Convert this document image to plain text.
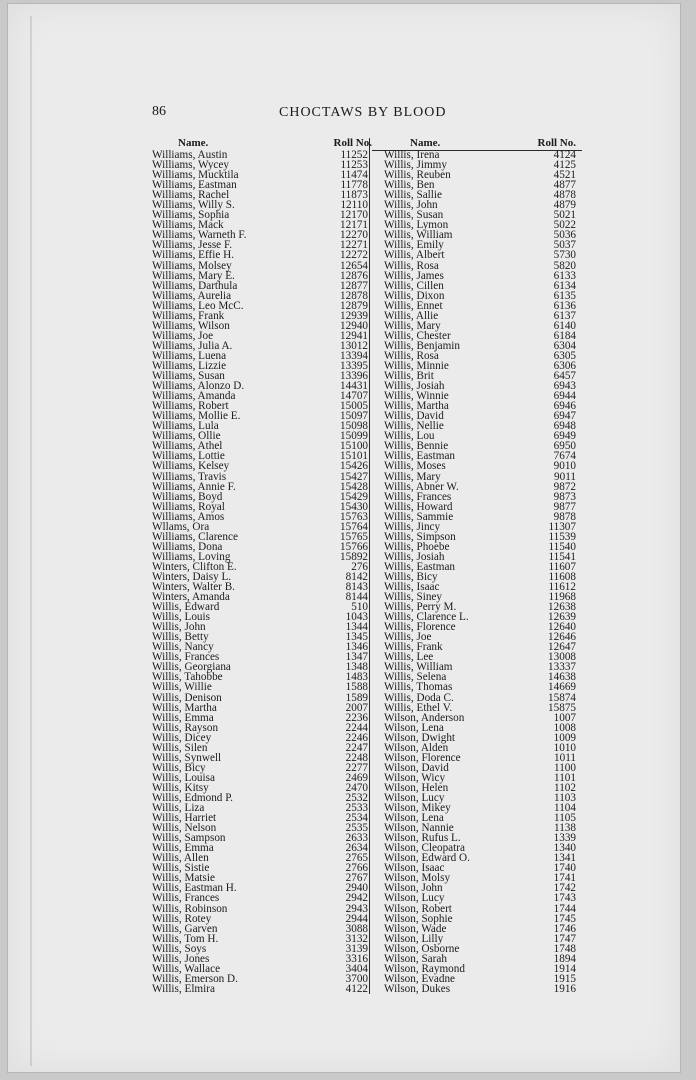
86	CHOCTAWS BY BLOOD
Name.	Roll No.
Williams, Austin	11252
Williams, Wycey	11253
Williams, Mucktila	11474
Williams, Eastman	11778
Williams, Rachel	11873
Williams, Willy S.	12110
Williams, Sophia	12170
Williams, Mack	12171
Williams, Warneth F.	12270
Williams, Jesse F.	12271
Williams, Effie H.	12272
Williams, Molsey	12654
Williams, Mary E.	12876
Williams, Darthula	12877
Williams, Aurelia	12878
Williams, Leo McC.	12879
Williams, Frank	12939
Williams, Wilson	12940
Williams, Joe	12941
Williams, Julia A.	13012
Williams, Luena	13394
Williams, Lizzie	13395
Williams, Susan	13396
Williams, Alonzo D.	14431
Williams, Amanda	14707
Williams, Robert	15005
Williams, Mollie E.	15097
Williams, Lula	15098
Williams, Ollie	15099
Williams, Athel	15100
Williams, Lottie	15101
Williams, Kelsey	15426
Williams, Travis	15427
Williams, Annie F.	15428
Williams, Boyd	15429
Williams, Royal	15430
Williams, Amos	15763
Wllams, Ora	15764
Williams, Clarence	15765
Williams, Dona	15766
Williams, Loving	15892
Winters, Clifton E.	276
Winters, Daisy L.	8142
Winters, Walter B.	8143
Winters, Amanda	8144
Willis, Edward	510
Willis, Louis	1043
Willis, John	1344
Willis, Betty	1345
Willis, Nancy	1346
Willis, Frances	1347
Willis, Georgiana	1348
Willis, Tahobbe	1483
Willis, Willie	1588
Willis, Denison	1589
Willis, Martha	2007
Willis, Emma	2236
Willis, Rayson	2244
Willis, Dicey	2246
Willis, Silen	2247
Willis, Synwell	2248
Willis, Bicy	2277
Willis, Louisa	2469
Willis, Kitsy	2470
Willis, Edmond P.	2532
Willis, Liza	2533
Willis, Harriet	2534
Willis, Nelson	2535
Willis, Sampson	2633
Willis, Emma	2634
Willis, Allen	2765
Willis, Sistie	2766
Willis, Matsie	2767
Willis, Eastman H.	2940
Willis, Frances	2942
Willis, Robinson	2943
Willis, Rotey	2944
Willis, Garven	3088
Willis, Tom H.	3132
Willis, Soys	3139
Willis, Jones	3316
Willis, Wallace	3404
Willis, Emerson D.	3700
Willis, Elmira	4122
Name.	Roll No.
Willis, Irena	4124
Willis, Jimmy	4125
Willis, Reuben	4521
Willis, Ben	4877
Willis, Sallie	4878
Willis, John	4879
Willis, Susan	5021
Willis, Lymon	5022
Willis, William	5036
Willis, Emily	5037
Willis, Albert	5730
Willis, Rosa	5820
Willis, James	6133
Willis, Cillen	6134
Willis, Dixon	6135
Willis, Ennet	6136
Willis, Allie	6137
Willis, Mary	6140
Willis, Chester	6184
Willis, Benjamin	6304
Willis, Rosa	6305
Willis, Minnie	6306
Willis, Brit	6457
Willis, Josiah	6943
Willis, Winnie	6944
Willis, Martha	6946
Willis, David	6947
Willis, Nellie	6948
Willis, Lou	6949
Willis, Bennie	6950
Willis, Eastman	7674
Willis, Moses	9010
Willis, Mary	9011
Willis, Abner W.	9872
Willis, Frances	9873
Willis, Howard	9877
Willis, Sammie	9878
Willis, Jincy	11307
Willis, Simpson	11539
Willis, Phoebe	11540
Willis, Josiah	11541
Willis, Eastman	11607
Willis, Bicy	11608
Willis, Isaac	11612
Willis, Siney	11968
Willis, Perry M.	12638
Willis, Clarence L.	12639
Willis, Florence	12640
Willis, Joe	12646
Willis, Frank	12647
Willis, Lee	13008
Willis, William	13337
Willis, Selena	14638
Willis, Thomas	14669
Willis, Doda C.	15874
Willis, Ethel V.	15875
Wilson, Anderson	1007
Wilson, Lena	1008
Wilson, Dwight	1009
Wilson, Alden	1010
Wilson, Florence	1011
Wilson, David	1100
Wilson, Wicy	1101
Wilson, Helen	1102
Wilson, Lucy	1103
Wilson, Mikey	1104
Wilson, Lena	1105
Wilson, Nannie	1138
Wilson, Rufus L.	1339
Wilson, Cleopatra	1340
Wilson, Edward O.	1341
Wilson, Isaac	1740
Wilson, Molsy	1741
Wilson, John	1742
Wilson, Lucy	1743
Wilson, Robert	1744
Wilson, Sophie	1745
Wilson, Wade	1746
Wilson, Lilly	1747
Wilson, Osborne	1748
Wilson, Sarah	1894
Wilson, Raymond	1914
Wilson, Evadne	1915
Wilson, Dukes	1916
